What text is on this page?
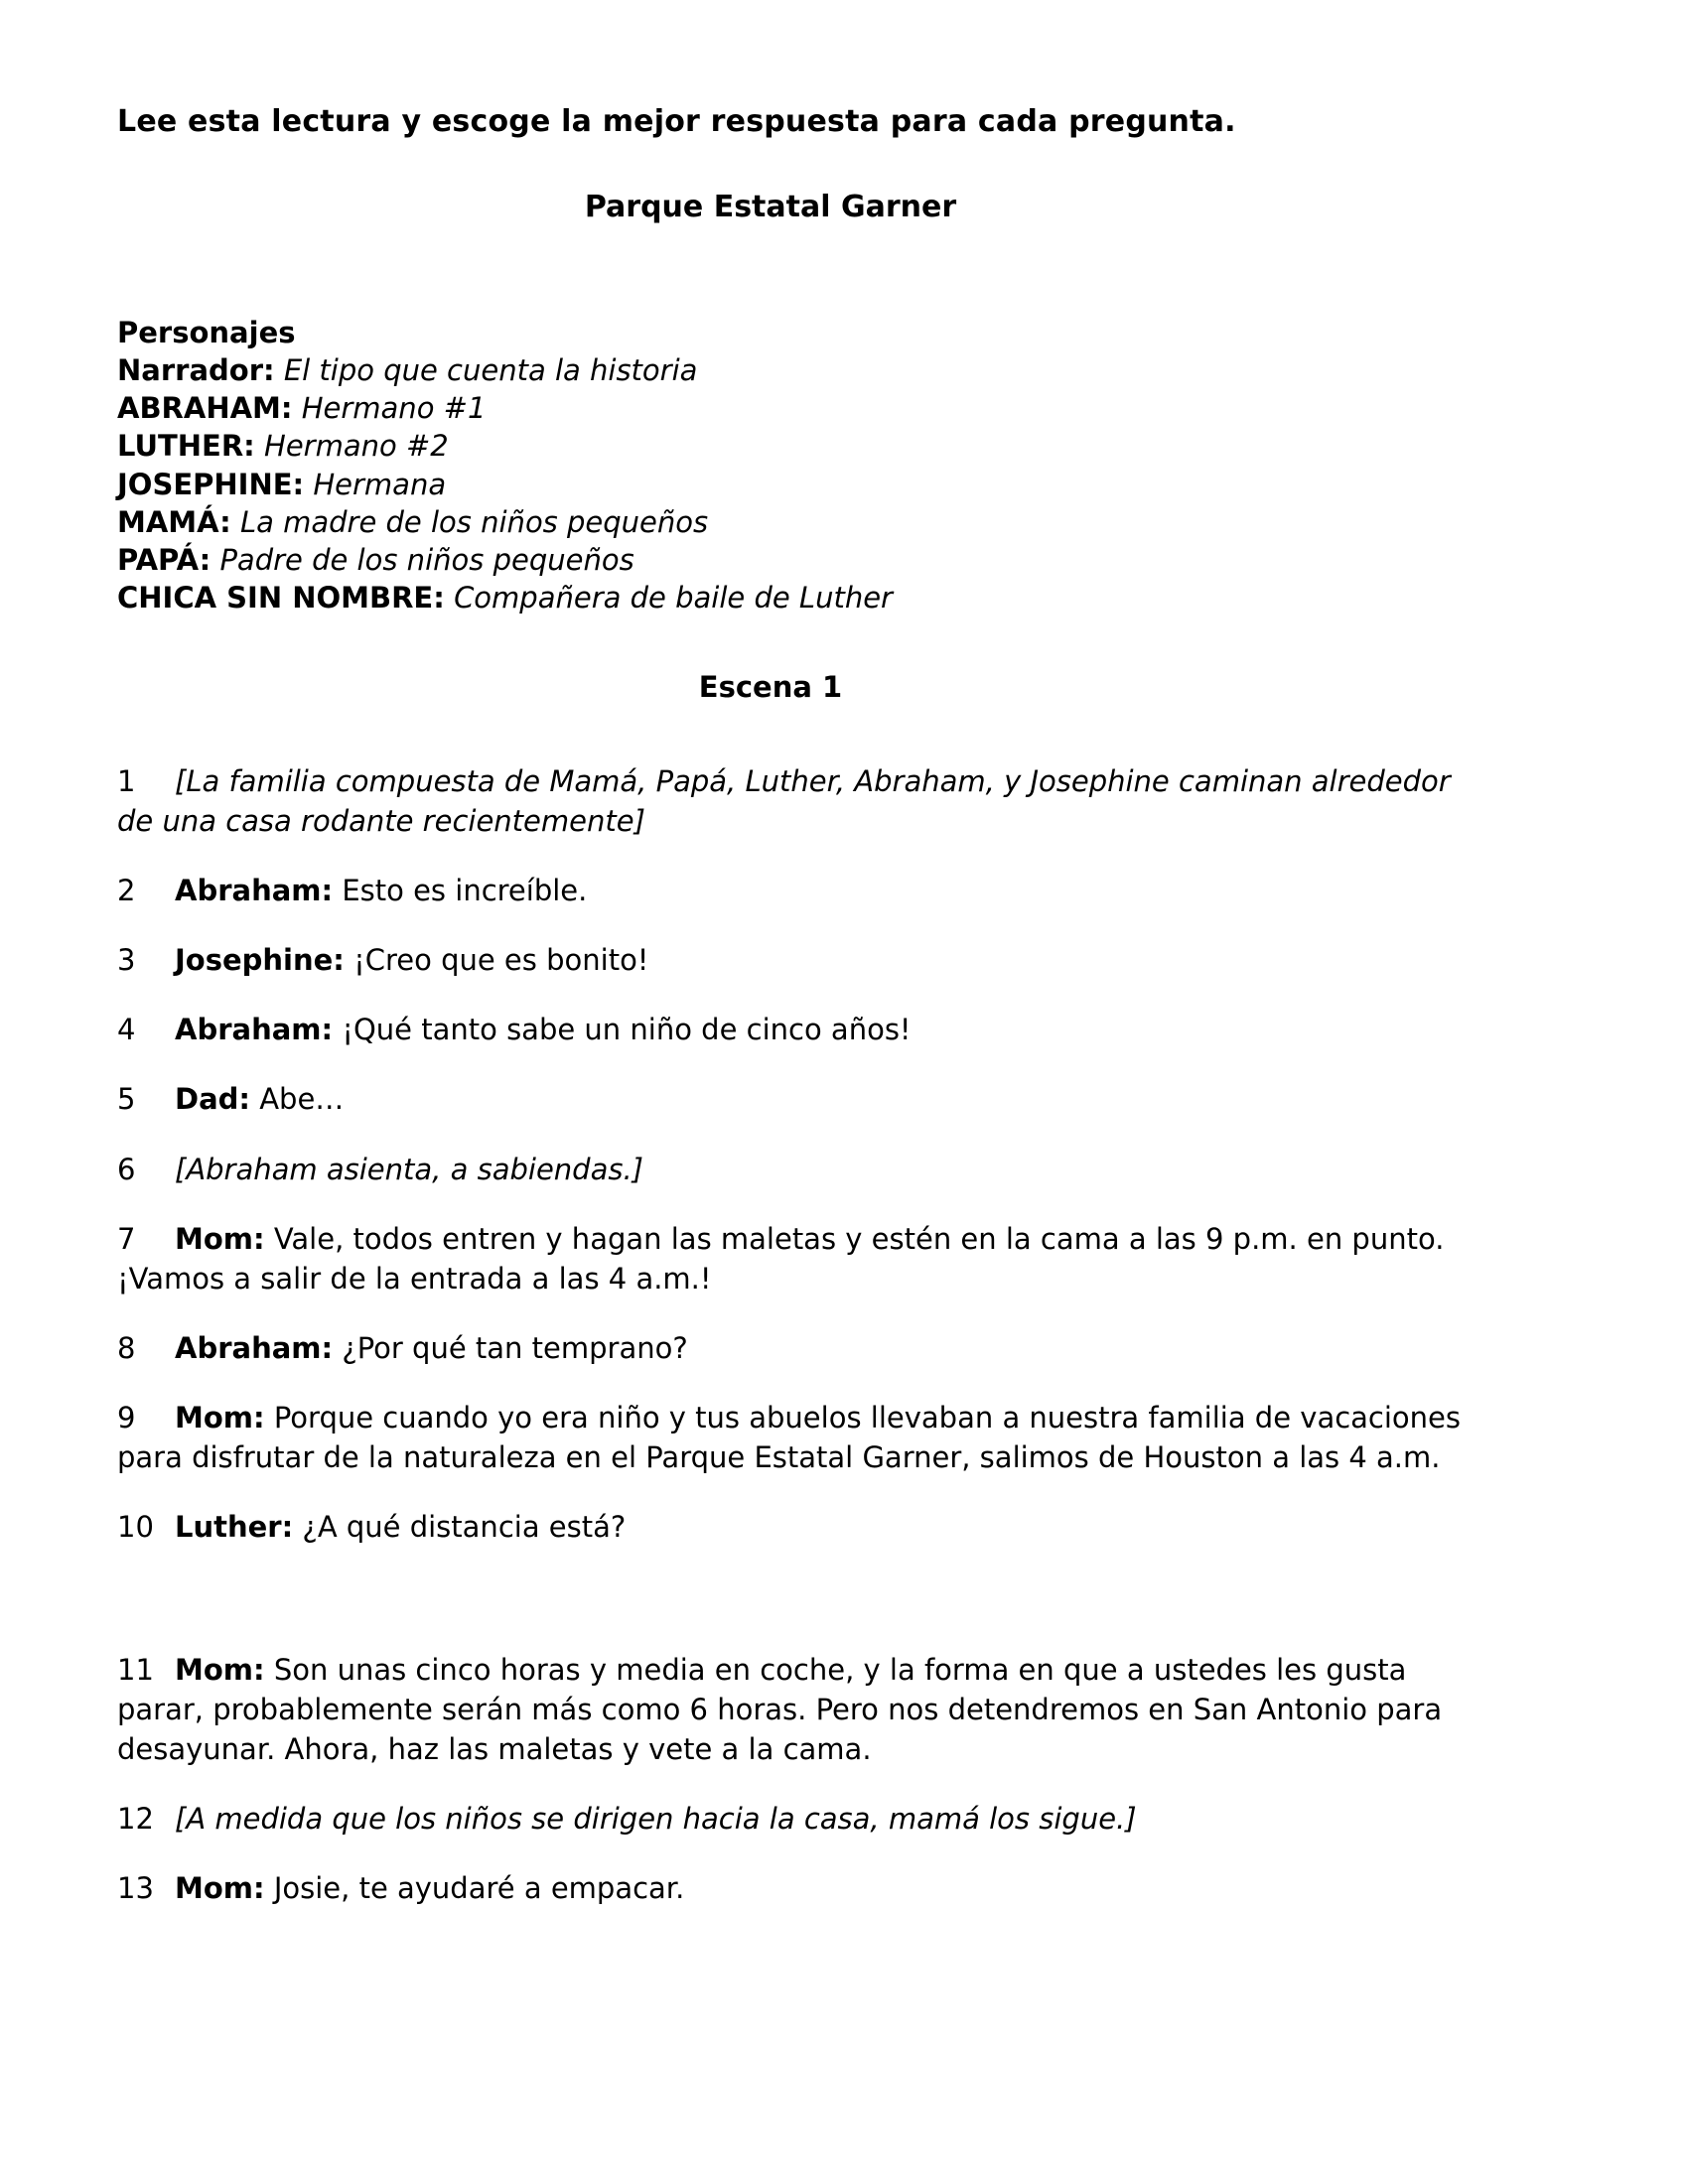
Lee esta lectura y escoge la mejor respuesta para cada pregunta.

Parque Estatal Garner

Personajes

Narrador: El tipo que cuenta la historia

ABRAHAM: Hermano #1

LUTHER: Hermano #2

JOSEPHINE: Hermana

MAMÁ: La madre de los niños pequeños

PAPÁ: Padre de los niños pequeños

CHICA SIN NOMBRE: Compañera de baile de Luther

Escena 1

1 [La familia compuesta de Mamá, Papá, Luther, Abraham, y Josephine caminan alrededor de una casa rodante recientemente]

2 Abraham: Esto es increíble.

3 Josephine: ¡Creo que es bonito!

4 Abraham: ¡Qué tanto sabe un niño de cinco años!

5 Dad: Abe…

6 [Abraham asienta, a sabiendas.]

7 Mom: Vale, todos entren y hagan las maletas y estén en la cama a las 9 p.m. en punto. ¡Vamos a salir de la entrada a las 4 a.m.!

8 Abraham: ¿Por qué tan temprano?

9 Mom: Porque cuando yo era niño y tus abuelos llevaban a nuestra familia de vacaciones para disfrutar de la naturaleza en el Parque Estatal Garner, salimos de Houston a las 4 a.m.

10 Luther: ¿A qué distancia está?

11 Mom: Son unas cinco horas y media en coche, y la forma en que a ustedes les gusta parar, probablemente serán más como 6 horas. Pero nos detendremos en San Antonio para desayunar. Ahora, haz las maletas y vete a la cama.

12 [A medida que los niños se dirigen hacia la casa, mamá los sigue.]

13 Mom: Josie, te ayudaré a empacar.
